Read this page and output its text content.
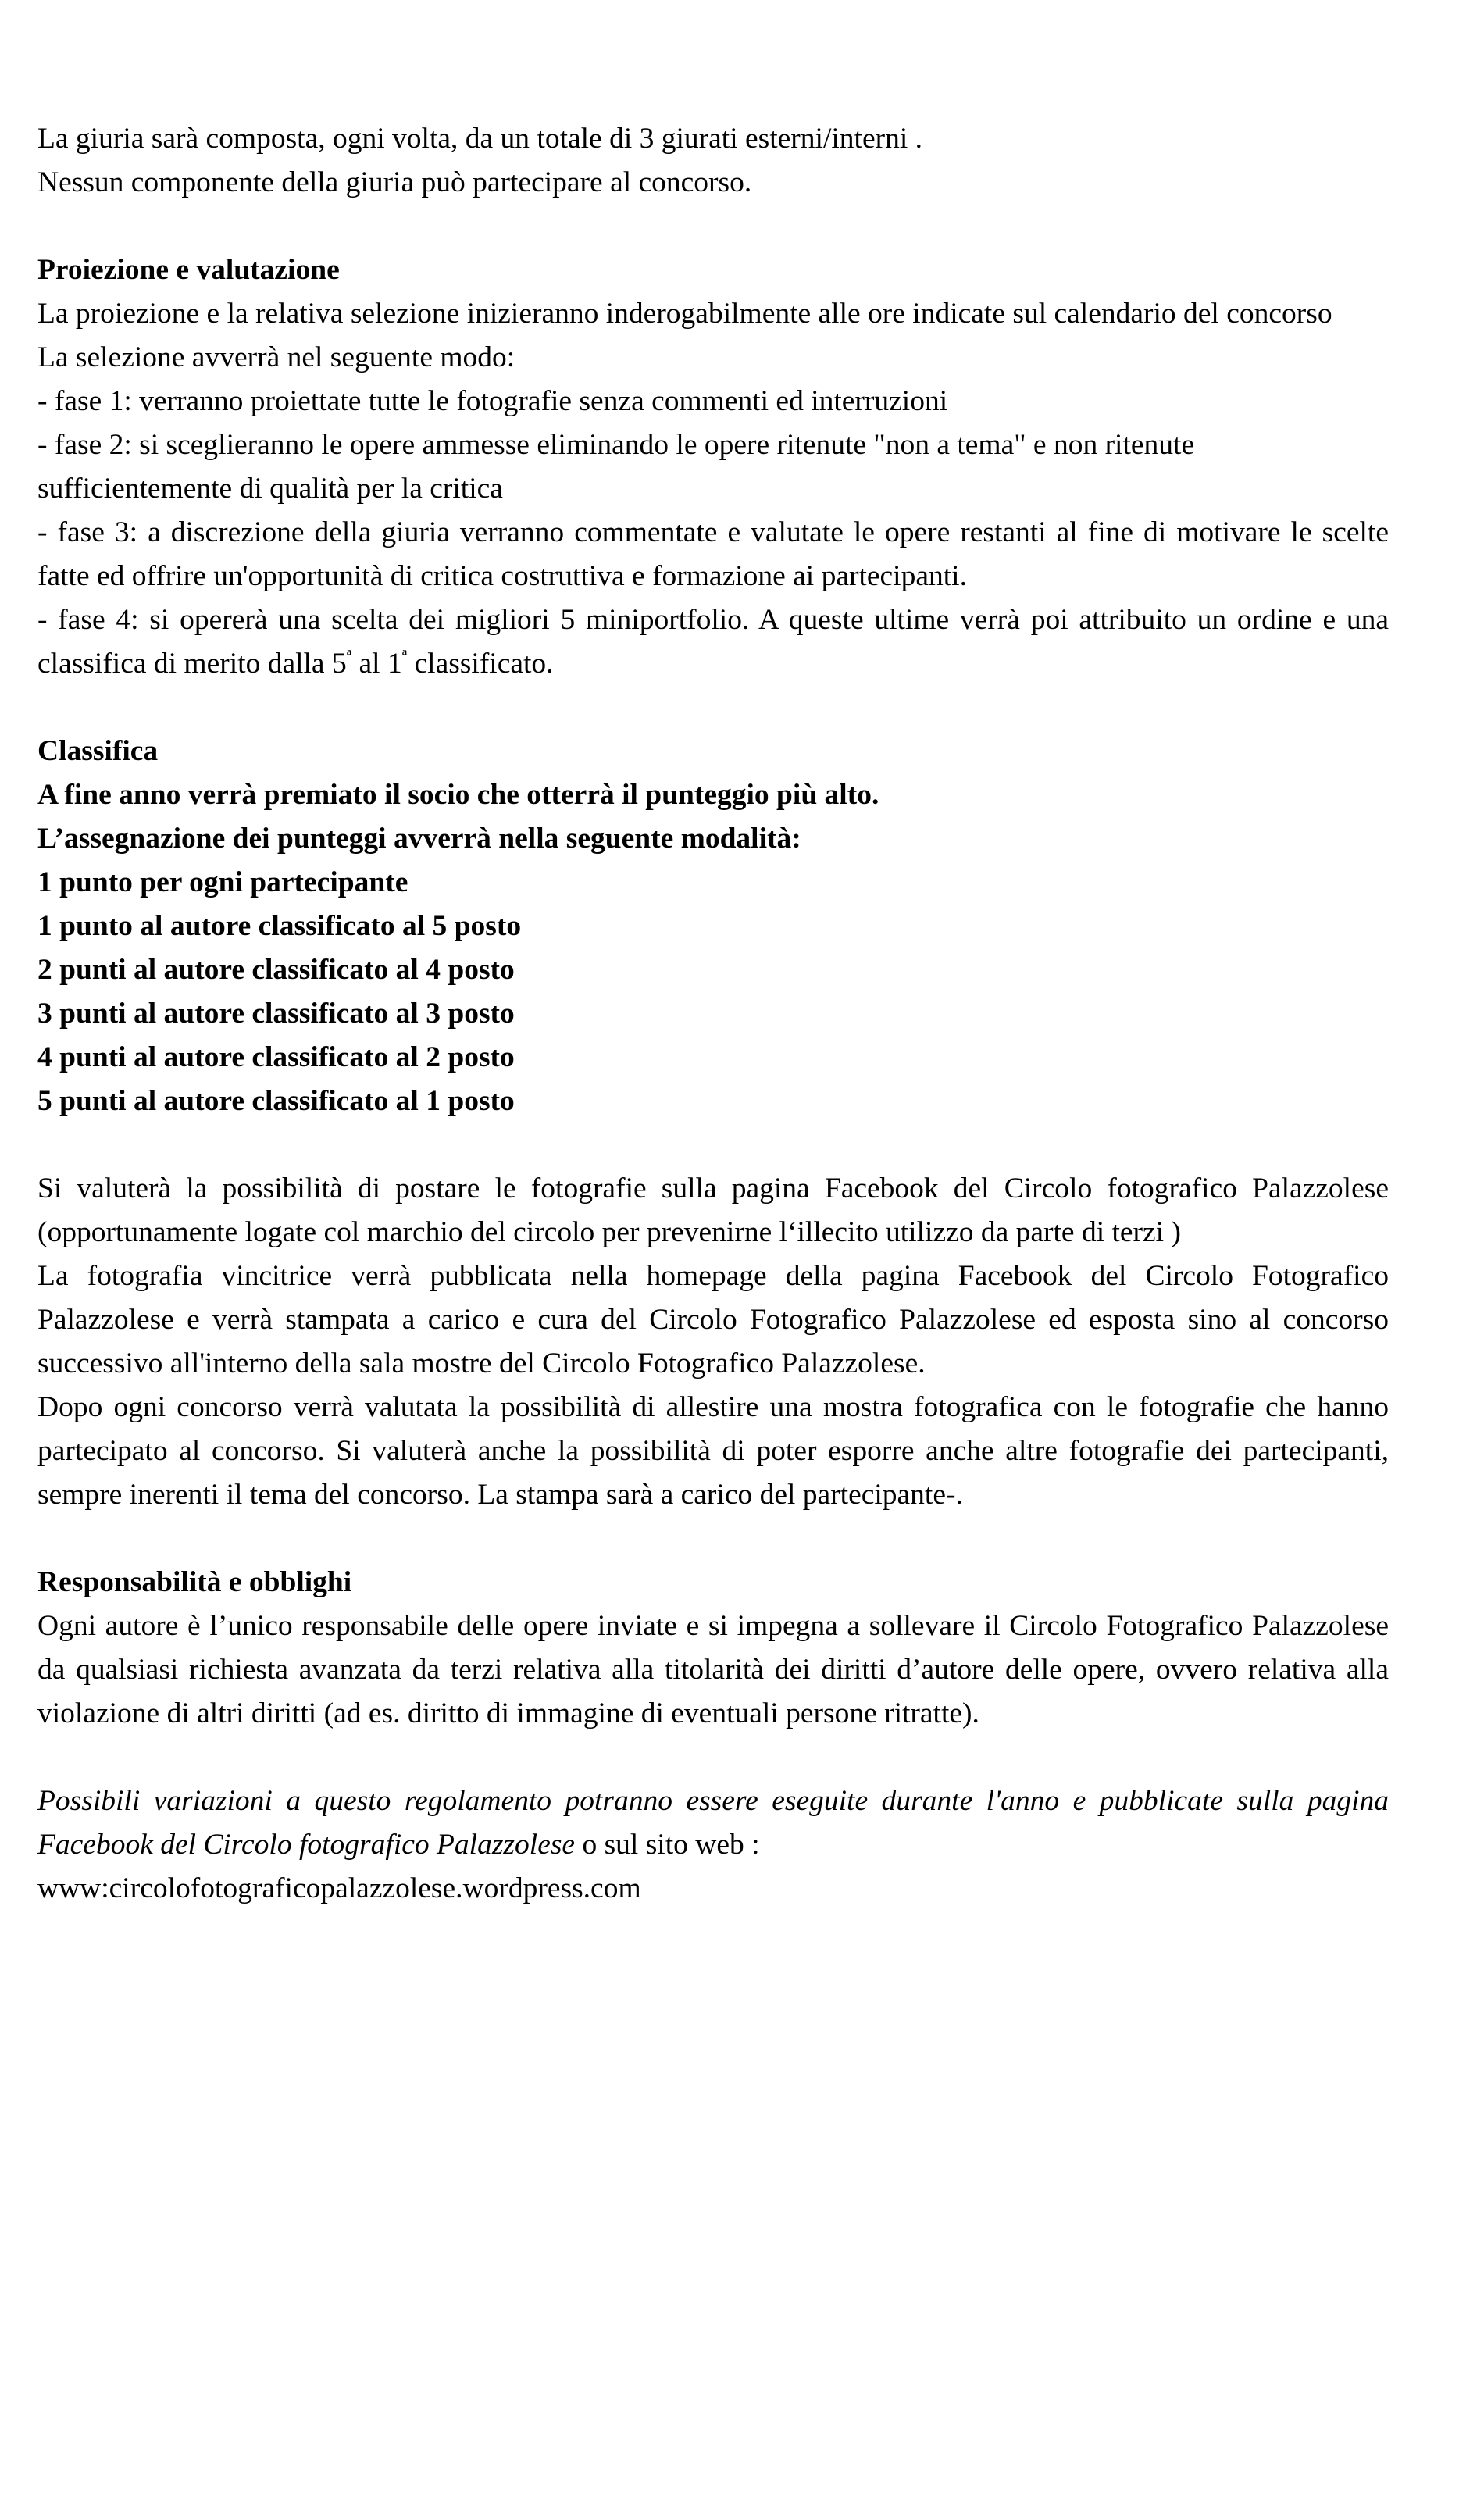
La giuria sarà composta, ogni volta, da un totale di 3 giurati esterni/interni .

Nessun componente della giuria può partecipare al concorso.

Proiezione e valutazione

La proiezione e la relativa selezione inizieranno inderogabilmente alle ore indicate sul calendario del concorso

La selezione avverrà nel seguente modo:

- fase 1: verranno proiettate tutte le fotografie senza commenti ed interruzioni

- fase 2: si sceglieranno le opere ammesse eliminando le opere ritenute "non a tema" e non ritenute sufficientemente di qualità per la critica

- fase 3: a discrezione della giuria verranno commentate e valutate le opere restanti al fine di motivare le scelte fatte ed offrire un'opportunità di critica costruttiva e formazione ai partecipanti.

- fase 4: si opererà una scelta dei migliori 5 miniportfolio. A queste ultime verrà poi attribuito un ordine e una classifica di merito dalla $5^ª$ al $1^ª$ classificato.

Classifica

A fine anno verrà premiato il socio che otterrà il punteggio più alto.

L’assegnazione dei punteggi avverrà nella seguente modalità:

1 punto per ogni partecipante

1 punto al autore classificato al 5 posto

2 punti al autore classificato al 4 posto

3 punti al autore classificato al 3 posto

4 punti al autore classificato al 2 posto

5 punti al autore classificato al 1 posto

Si valuterà la possibilità di postare le fotografie sulla pagina Facebook del Circolo fotografico Palazzolese (opportunamente logate col marchio del circolo per prevenirne l‘illecito utilizzo da parte di terzi )

La fotografia vincitrice verrà pubblicata nella homepage della pagina Facebook del Circolo Fotografico Palazzolese e verrà stampata a carico e cura del Circolo Fotografico Palazzolese ed esposta sino al concorso successivo all'interno della sala mostre del Circolo Fotografico Palazzolese.

Dopo ogni concorso verrà valutata la possibilità di allestire una mostra fotografica con le fotografie che hanno partecipato al concorso. Si valuterà anche la possibilità di poter esporre anche altre fotografie dei partecipanti, sempre inerenti il tema del concorso. La stampa sarà a carico del partecipante-.

Responsabilità e obblighi

Ogni autore è l’unico responsabile delle opere inviate e si impegna a sollevare il Circolo Fotografico Palazzolese da qualsiasi richiesta avanzata da terzi relativa alla titolarità dei diritti d’autore delle opere, ovvero relativa alla violazione di altri diritti (ad es. diritto di immagine di eventuali persone ritratte).

Possibili variazioni a questo regolamento potranno essere eseguite durante l'anno e pubblicate sulla pagina Facebook del Circolo fotografico Palazzolese o sul sito web :

www:circolofotograficopalazzolese.wordpress.com
